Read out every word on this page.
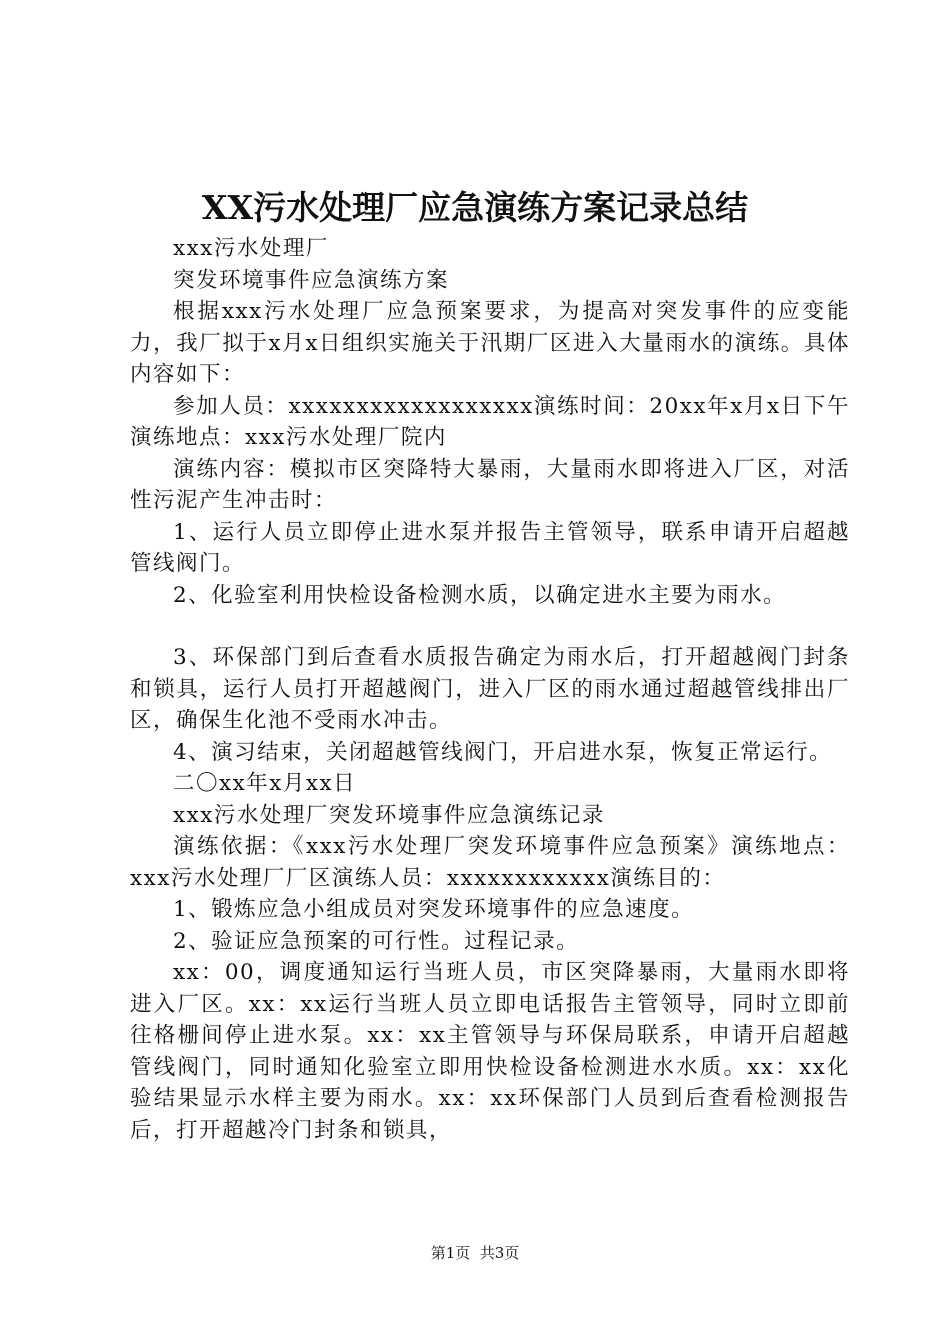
XX污水处理厂应急演练方案记录总结

xxx污水处理厂

突发环境事件应急演练方案

根据xxx污水处理厂应急预案要求，为提高对突发事件的应变能力，我厂拟于x月x日组织实施关于汛期厂区进入大量雨水的演练。具体内容如下：

参加人员：xxxxxxxxxxxxxxxxxx演练时间：20xx年x月x日下午演练地点：xxx污水处理厂院内

演练内容：模拟市区突降特大暴雨，大量雨水即将进入厂区，对活性污泥产生冲击时：

1、运行人员立即停止进水泵并报告主管领导，联系申请开启超越管线阀门。

2、化验室利用快检设备检测水质，以确定进水主要为雨水。

3、环保部门到后查看水质报告确定为雨水后，打开超越阀门封条和锁具，运行人员打开超越阀门，进入厂区的雨水通过超越管线排出厂区，确保生化池不受雨水冲击。

4、演习结束，关闭超越管线阀门，开启进水泵，恢复正常运行。

二〇xx年x月xx日

xxx污水处理厂突发环境事件应急演练记录

演练依据：《xxx污水处理厂突发环境事件应急预案》演练地点：xxx污水处理厂厂区演练人员：xxxxxxxxxxxx演练目的：

1、锻炼应急小组成员对突发环境事件的应急速度。

2、验证应急预案的可行性。过程记录。

xx：00，调度通知运行当班人员，市区突降暴雨，大量雨水即将进入厂区。xx：xx运行当班人员立即电话报告主管领导，同时立即前往格栅间停止进水泵。xx：xx主管领导与环保局联系，申请开启超越管线阀门，同时通知化验室立即用快检设备检测进水水质。xx：xx化验结果显示水样主要为雨水。xx：xx环保部门人员到后查看检测报告后，打开超越冷门封条和锁具，

第1页  共3页
